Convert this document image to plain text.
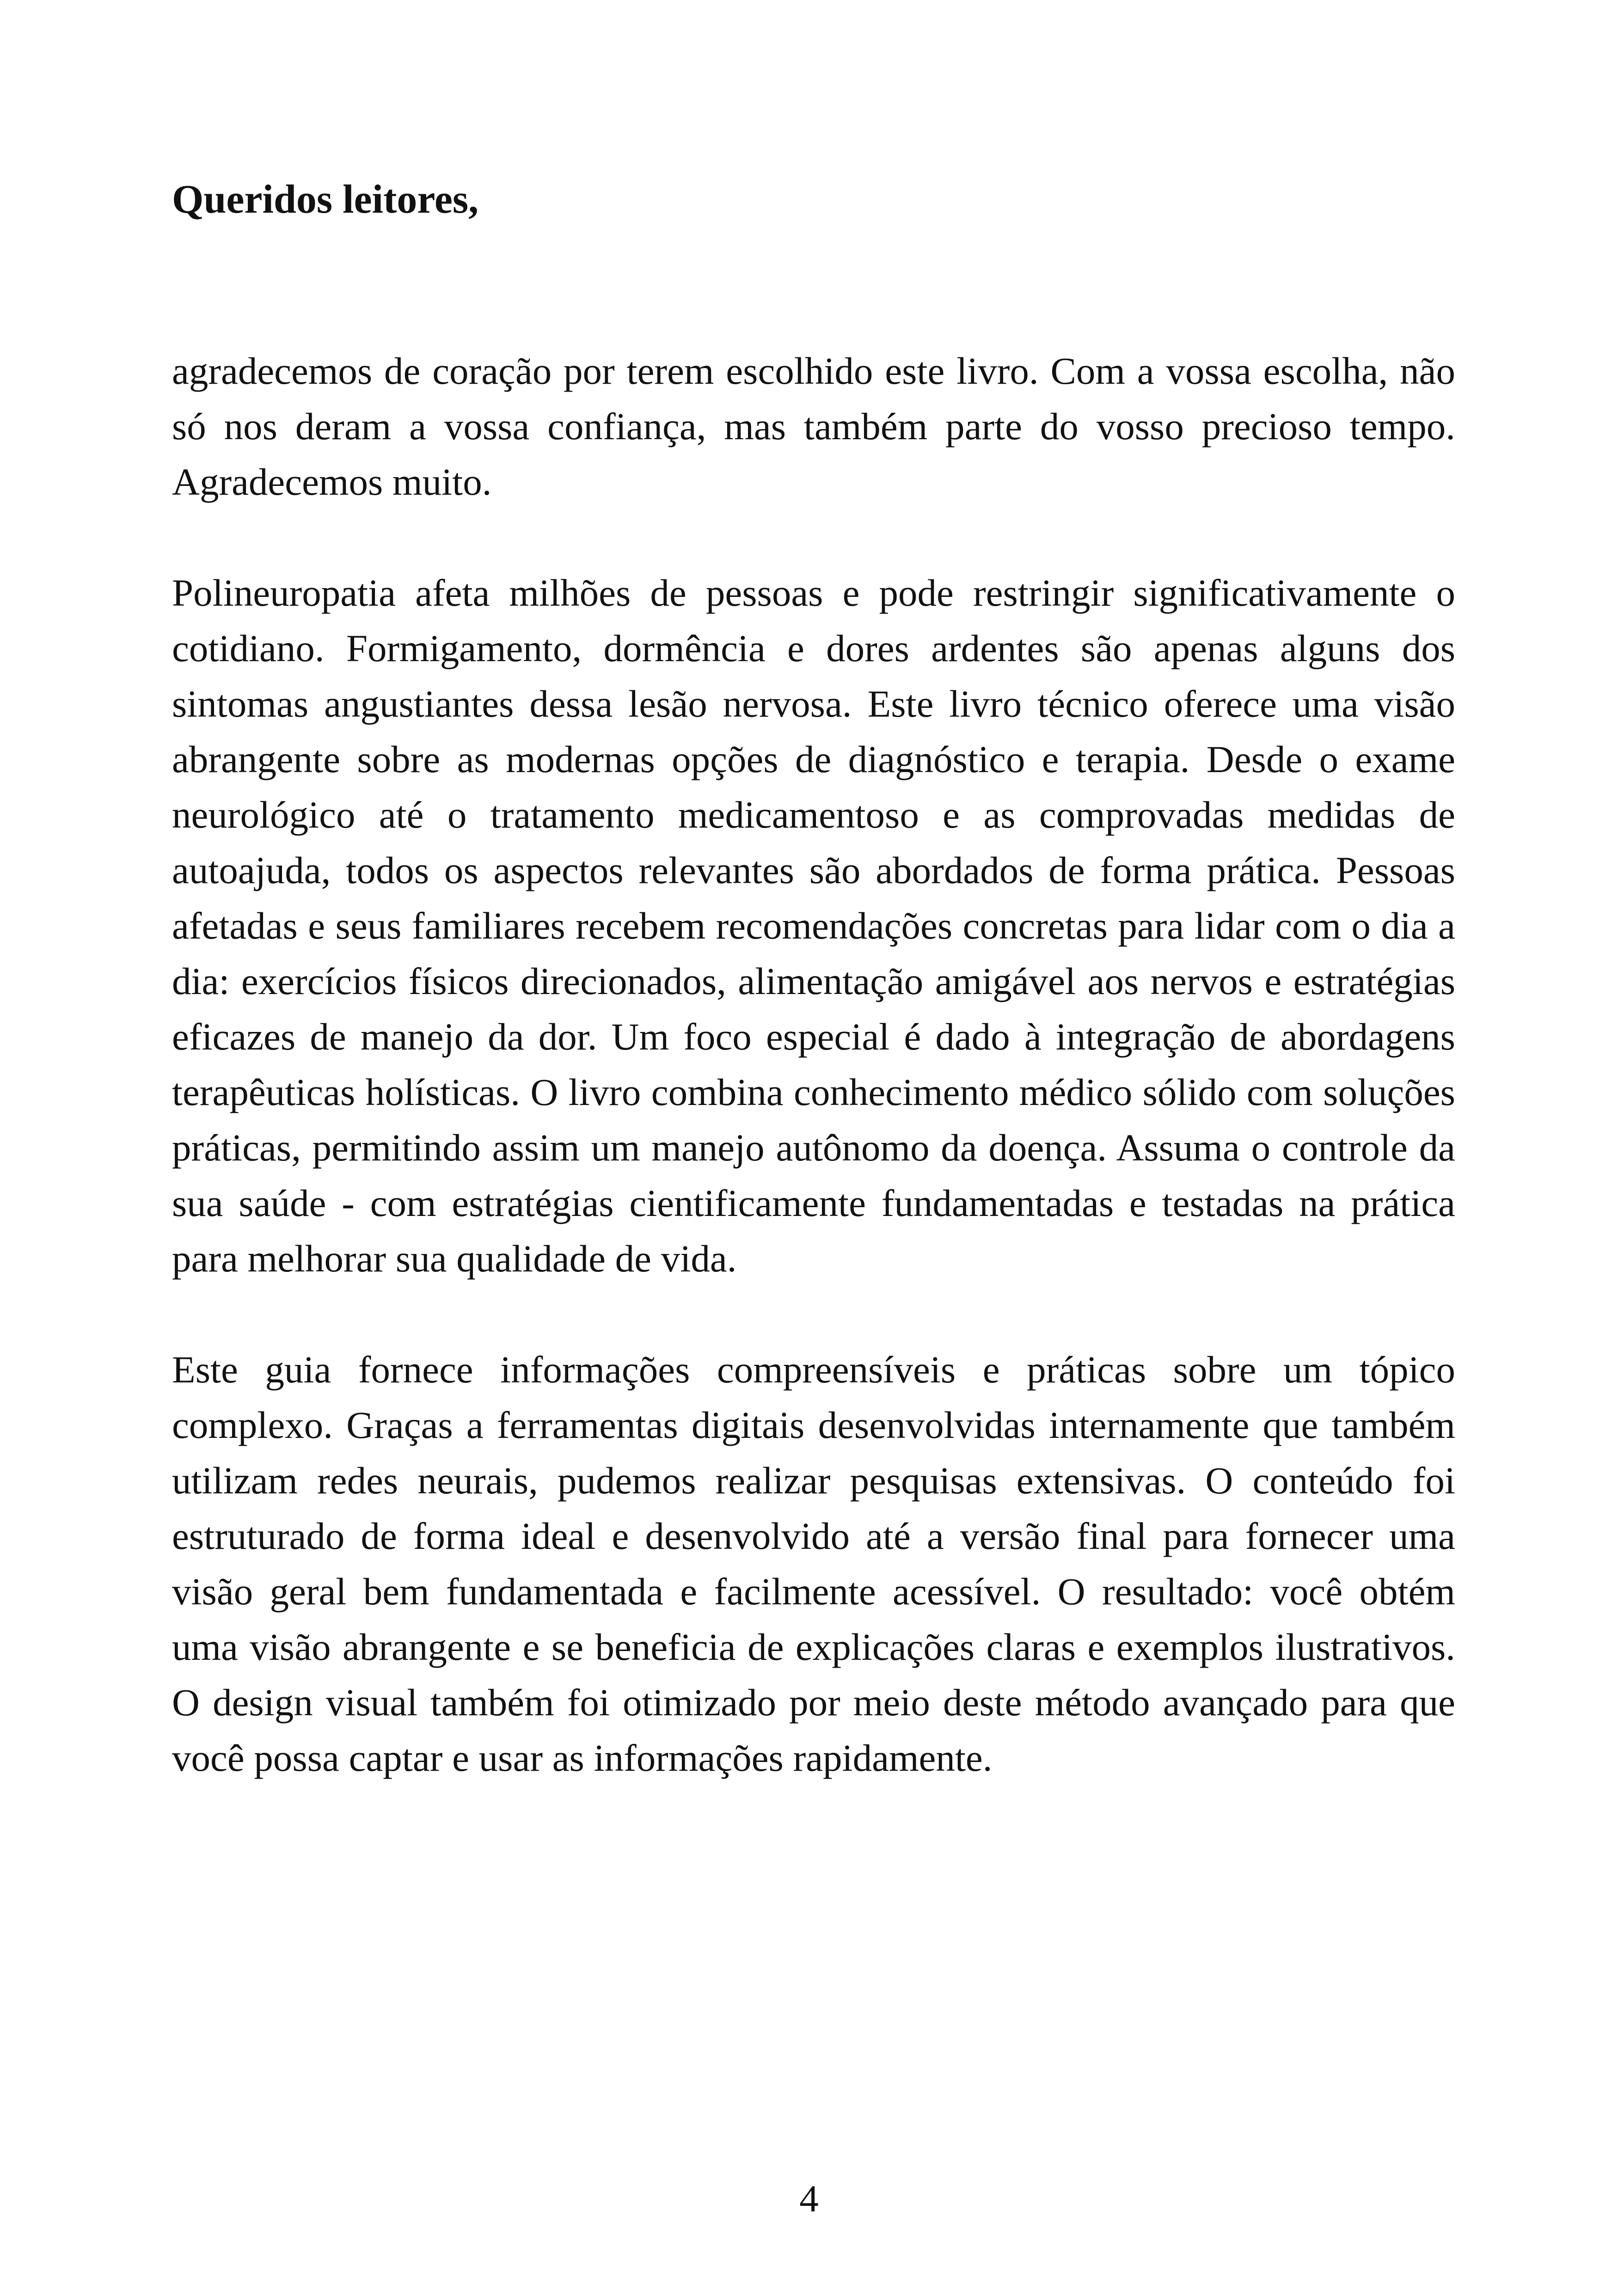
Queridos leitores,

agradecemos de coração por terem escolhido este livro. Com a vossa escolha, não só nos deram a vossa confiança, mas também parte do vosso precioso tempo. Agradecemos muito.

Polineuropatia afeta milhões de pessoas e pode restringir significativamente o cotidiano. Formigamento, dormência e dores ardentes são apenas alguns dos sintomas angustiantes dessa lesão nervosa. Este livro técnico oferece uma visão abrangente sobre as modernas opções de diagnóstico e terapia. Desde o exame neurológico até o tratamento medicamentoso e as comprovadas medidas de autoajuda, todos os aspectos relevantes são abordados de forma prática. Pessoas afetadas e seus familiares recebem recomendações concretas para lidar com o dia a dia: exercícios físicos direcionados, alimentação amigável aos nervos e estratégias eficazes de manejo da dor. Um foco especial é dado à integração de abordagens terapêuticas holísticas. O livro combina conhecimento médico sólido com soluções práticas, permitindo assim um manejo autônomo da doença. Assuma o controle da sua saúde - com estratégias cientificamente fundamentadas e testadas na prática para melhorar sua qualidade de vida.

Este guia fornece informações compreensíveis e práticas sobre um tópico complexo. Graças a ferramentas digitais desenvolvidas internamente que também utilizam redes neurais, pudemos realizar pesquisas extensivas. O conteúdo foi estruturado de forma ideal e desenvolvido até a versão final para fornecer uma visão geral bem fundamentada e facilmente acessível. O resultado: você obtém uma visão abrangente e se beneficia de explicações claras e exemplos ilustrativos. O design visual também foi otimizado por meio deste método avançado para que você possa captar e usar as informações rapidamente.

4
